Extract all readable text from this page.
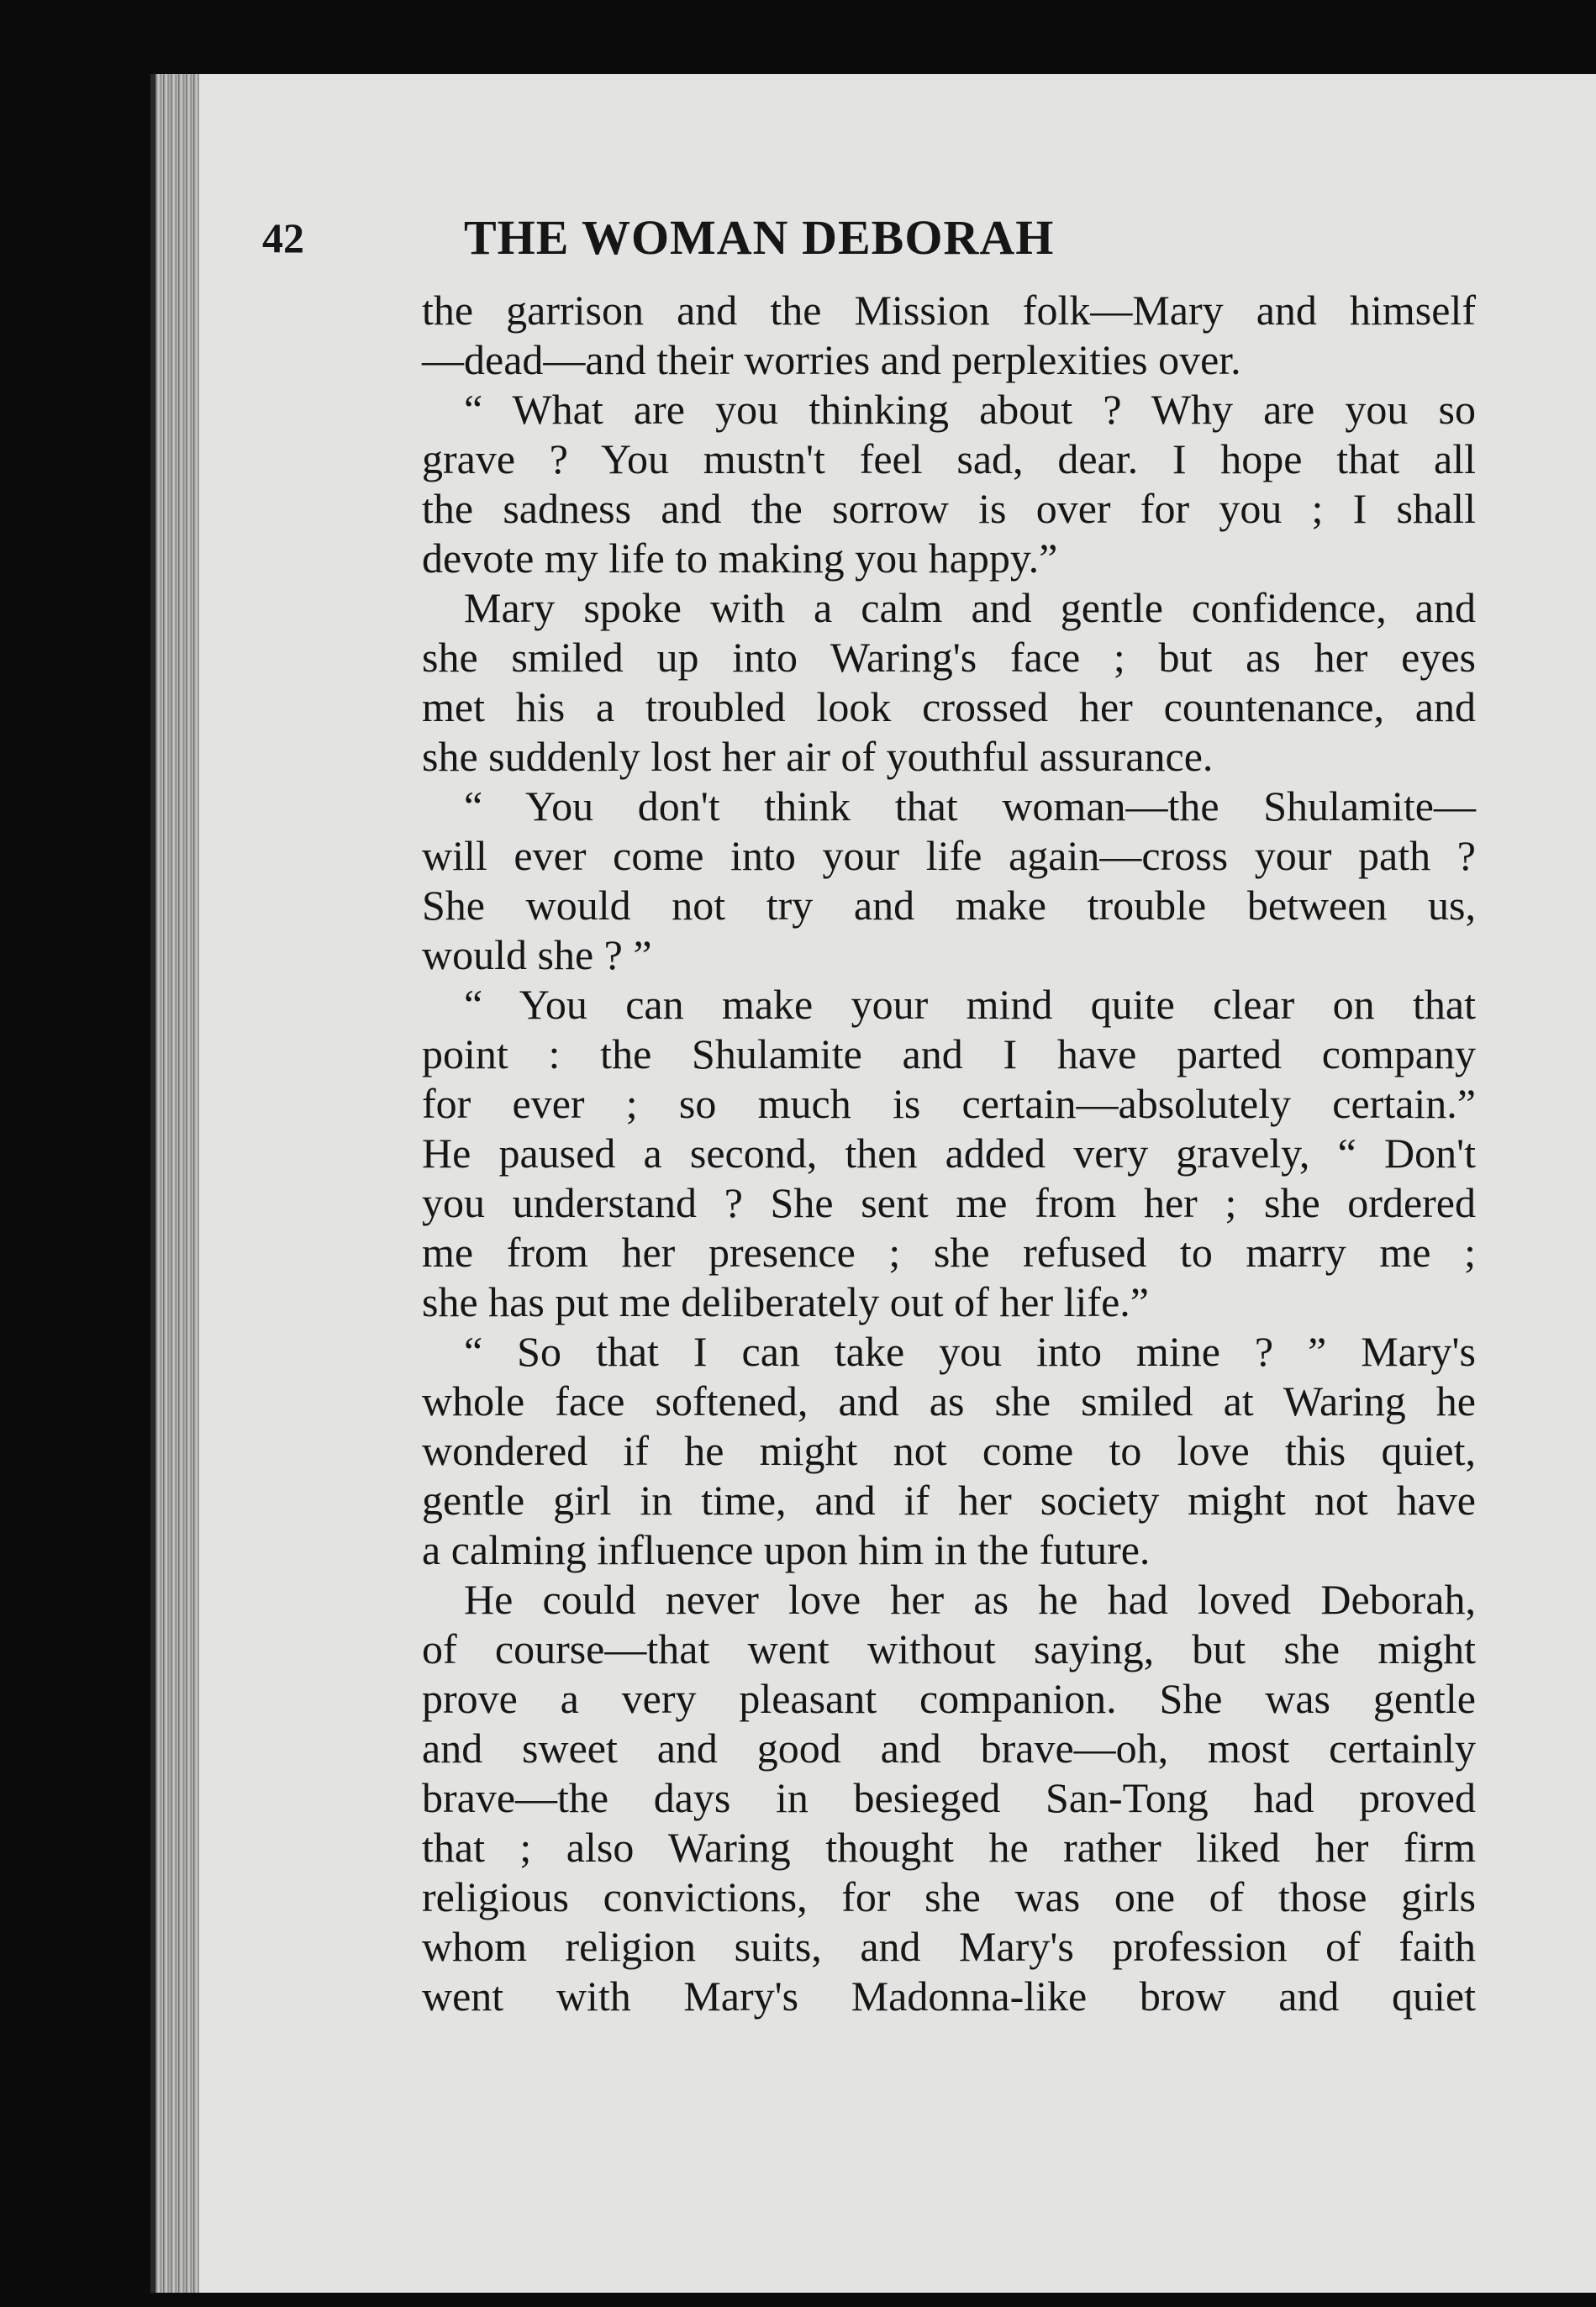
42	THE WOMAN DEBORAH
the garrison and the Mission folk—Mary and himself
—dead—and their worries and perplexities over.
“ What are you thinking about ? Why are you so
grave ? You mustn't feel sad, dear. I hope that all
the sadness and the sorrow is over for you ; I shall
devote my life to making you happy.”
Mary spoke with a calm and gentle confidence, and
she smiled up into Waring's face ; but as her eyes
met his a troubled look crossed her countenance, and
she suddenly lost her air of youthful assurance.
“ You don't think that woman—the Shulamite—
will ever come into your life again—cross your path ?
She would not try and make trouble between us,
would she ? ”
“ You can make your mind quite clear on that
point : the Shulamite and I have parted company
for ever ; so much is certain—absolutely certain.”
He paused a second, then added very gravely, “ Don't
you understand ? She sent me from her ; she ordered
me from her presence ; she refused to marry me ;
she has put me deliberately out of her life.”
“ So that I can take you into mine ? ” Mary's
whole face softened, and as she smiled at Waring he
wondered if he might not come to love this quiet,
gentle girl in time, and if her society might not have
a calming influence upon him in the future.
He could never love her as he had loved Deborah,
of course—that went without saying, but she might
prove a very pleasant companion. She was gentle
and sweet and good and brave—oh, most certainly
brave—the days in besieged San-Tong had proved
that ; also Waring thought he rather liked her firm
religious convictions, for she was one of those girls
whom religion suits, and Mary's profession of faith
went with Mary's Madonna-like brow and quiet
